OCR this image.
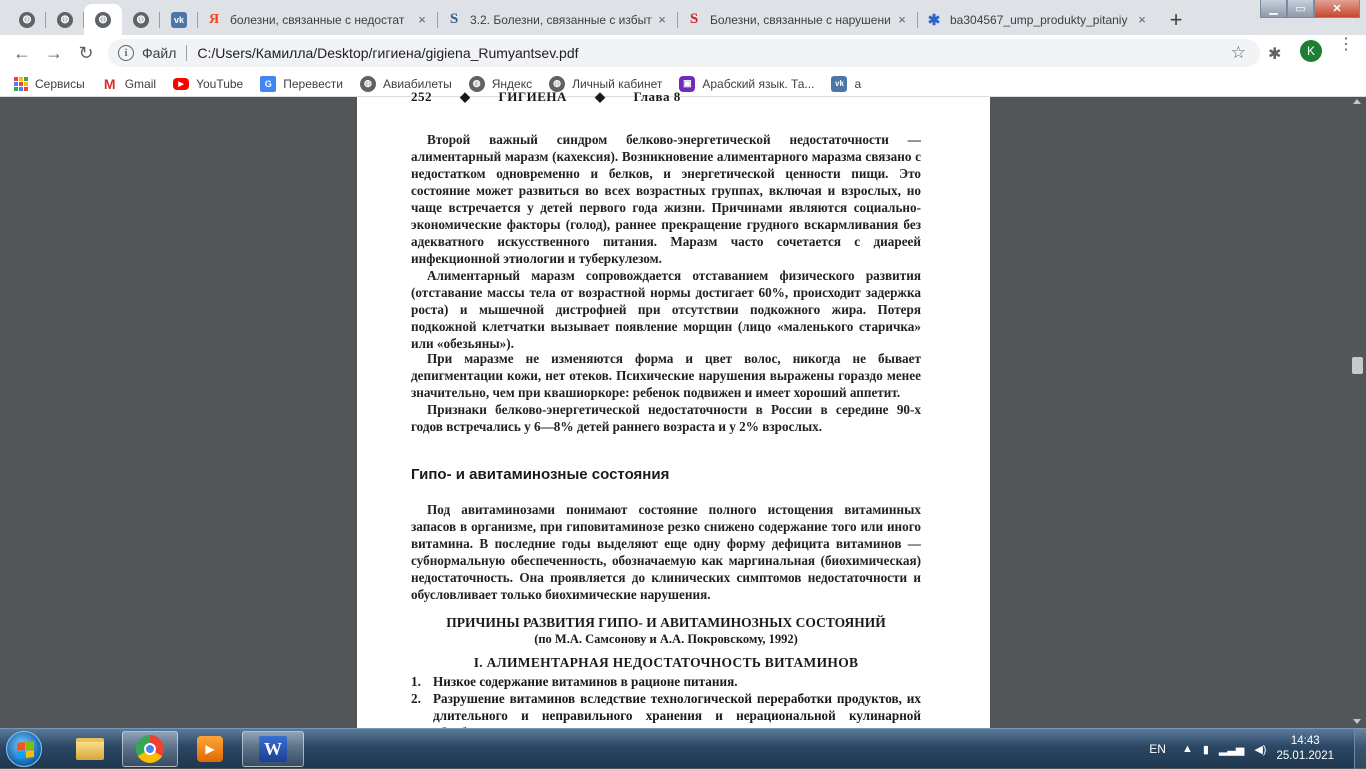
◍	◍	◍	◍	vk Я болезни, связанные с недостат	× S 3.2. Болезни, связанные с избыт × S Болезни, связанные с нарушени × ✱ ba304567_ump_produkty_pitaniy ×	+	▁	▭	✕
← → ↻	i	Файл C:/Users/Камилла/Desktop/гигиена/gigiena_Rumyantsev.pdf	☆ ✱	K	⋮
Сервисы M Gmail	▶	YouTube	G Перевести	◍ Авиабилеты	◍ Яндекс	◍ Личный кабинет	▣ Арабский язык. Та...	vk а
252 ◆ ГИГИЕНА ◆ Глава 8

Второй важный синдром белково-энергетической недостаточности — алиментарный маразм (кахексия). Возникновение алиментарного маразма связано с недостатком одновременно и белков, и энергетической ценности пищи. Это состояние может развиться во всех возрастных группах, включая и взрослых, но чаще встречается у детей первого года жизни. Причинами являются социально-экономические факторы (голод), раннее прекращение грудного вскармливания без адекватного искусственного питания. Маразм часто сочетается с диареей инфекционной этиологии и туберкулезом.

Алиментарный маразм сопровождается отставанием физического развития (отставание массы тела от возрастной нормы достигает 60%, происходит задержка роста) и мышечной дистрофией при отсутствии подкожного жира. Потеря подкожной клетчатки вызывает появление морщин (лицо «маленького старичка» или «обезьяны»).

При маразме не изменяются форма и цвет волос, никогда не бывает депигментации кожи, нет отеков. Психические нарушения выражены гораздо менее значительно, чем при квашиоркоре: ребенок подвижен и имеет хороший аппетит.

Признаки белково-энергетической недостаточности в России в середине 90-х годов встречались у 6—8% детей раннего возраста и у 2% взрослых.

Гипо- и авитаминозные состояния

Под авитаминозами понимают состояние полного истощения витаминных запасов в организме, при гиповитаминозе резко снижено содержание того или иного витамина. В последние годы выделяют еще одну форму дефицита витаминов — субнормальную обеспеченность, обозначаемую как маргинальная (биохимическая) недостаточность. Она проявляется до клинических симптомов недостаточности и обусловливает только биохимические нарушения.

ПРИЧИНЫ РАЗВИТИЯ ГИПО- И АВИТАМИНОЗНЫХ СОСТОЯНИЙ
(по М.А. Самсонову и А.А. Покровскому, 1992)
I. АЛИМЕНТАРНАЯ НЕДОСТАТОЧНОСТЬ ВИТАМИНОВ
1. Низкое содержание витаминов в рационе питания.
2. Разрушение витаминов вследствие технологической переработки продуктов, их длительного и неправильного хранения и нерациональной кулинарной
▶	W	EN ▲ ▮ ▂▃▅ ◀)
14:43
25.01.2021
